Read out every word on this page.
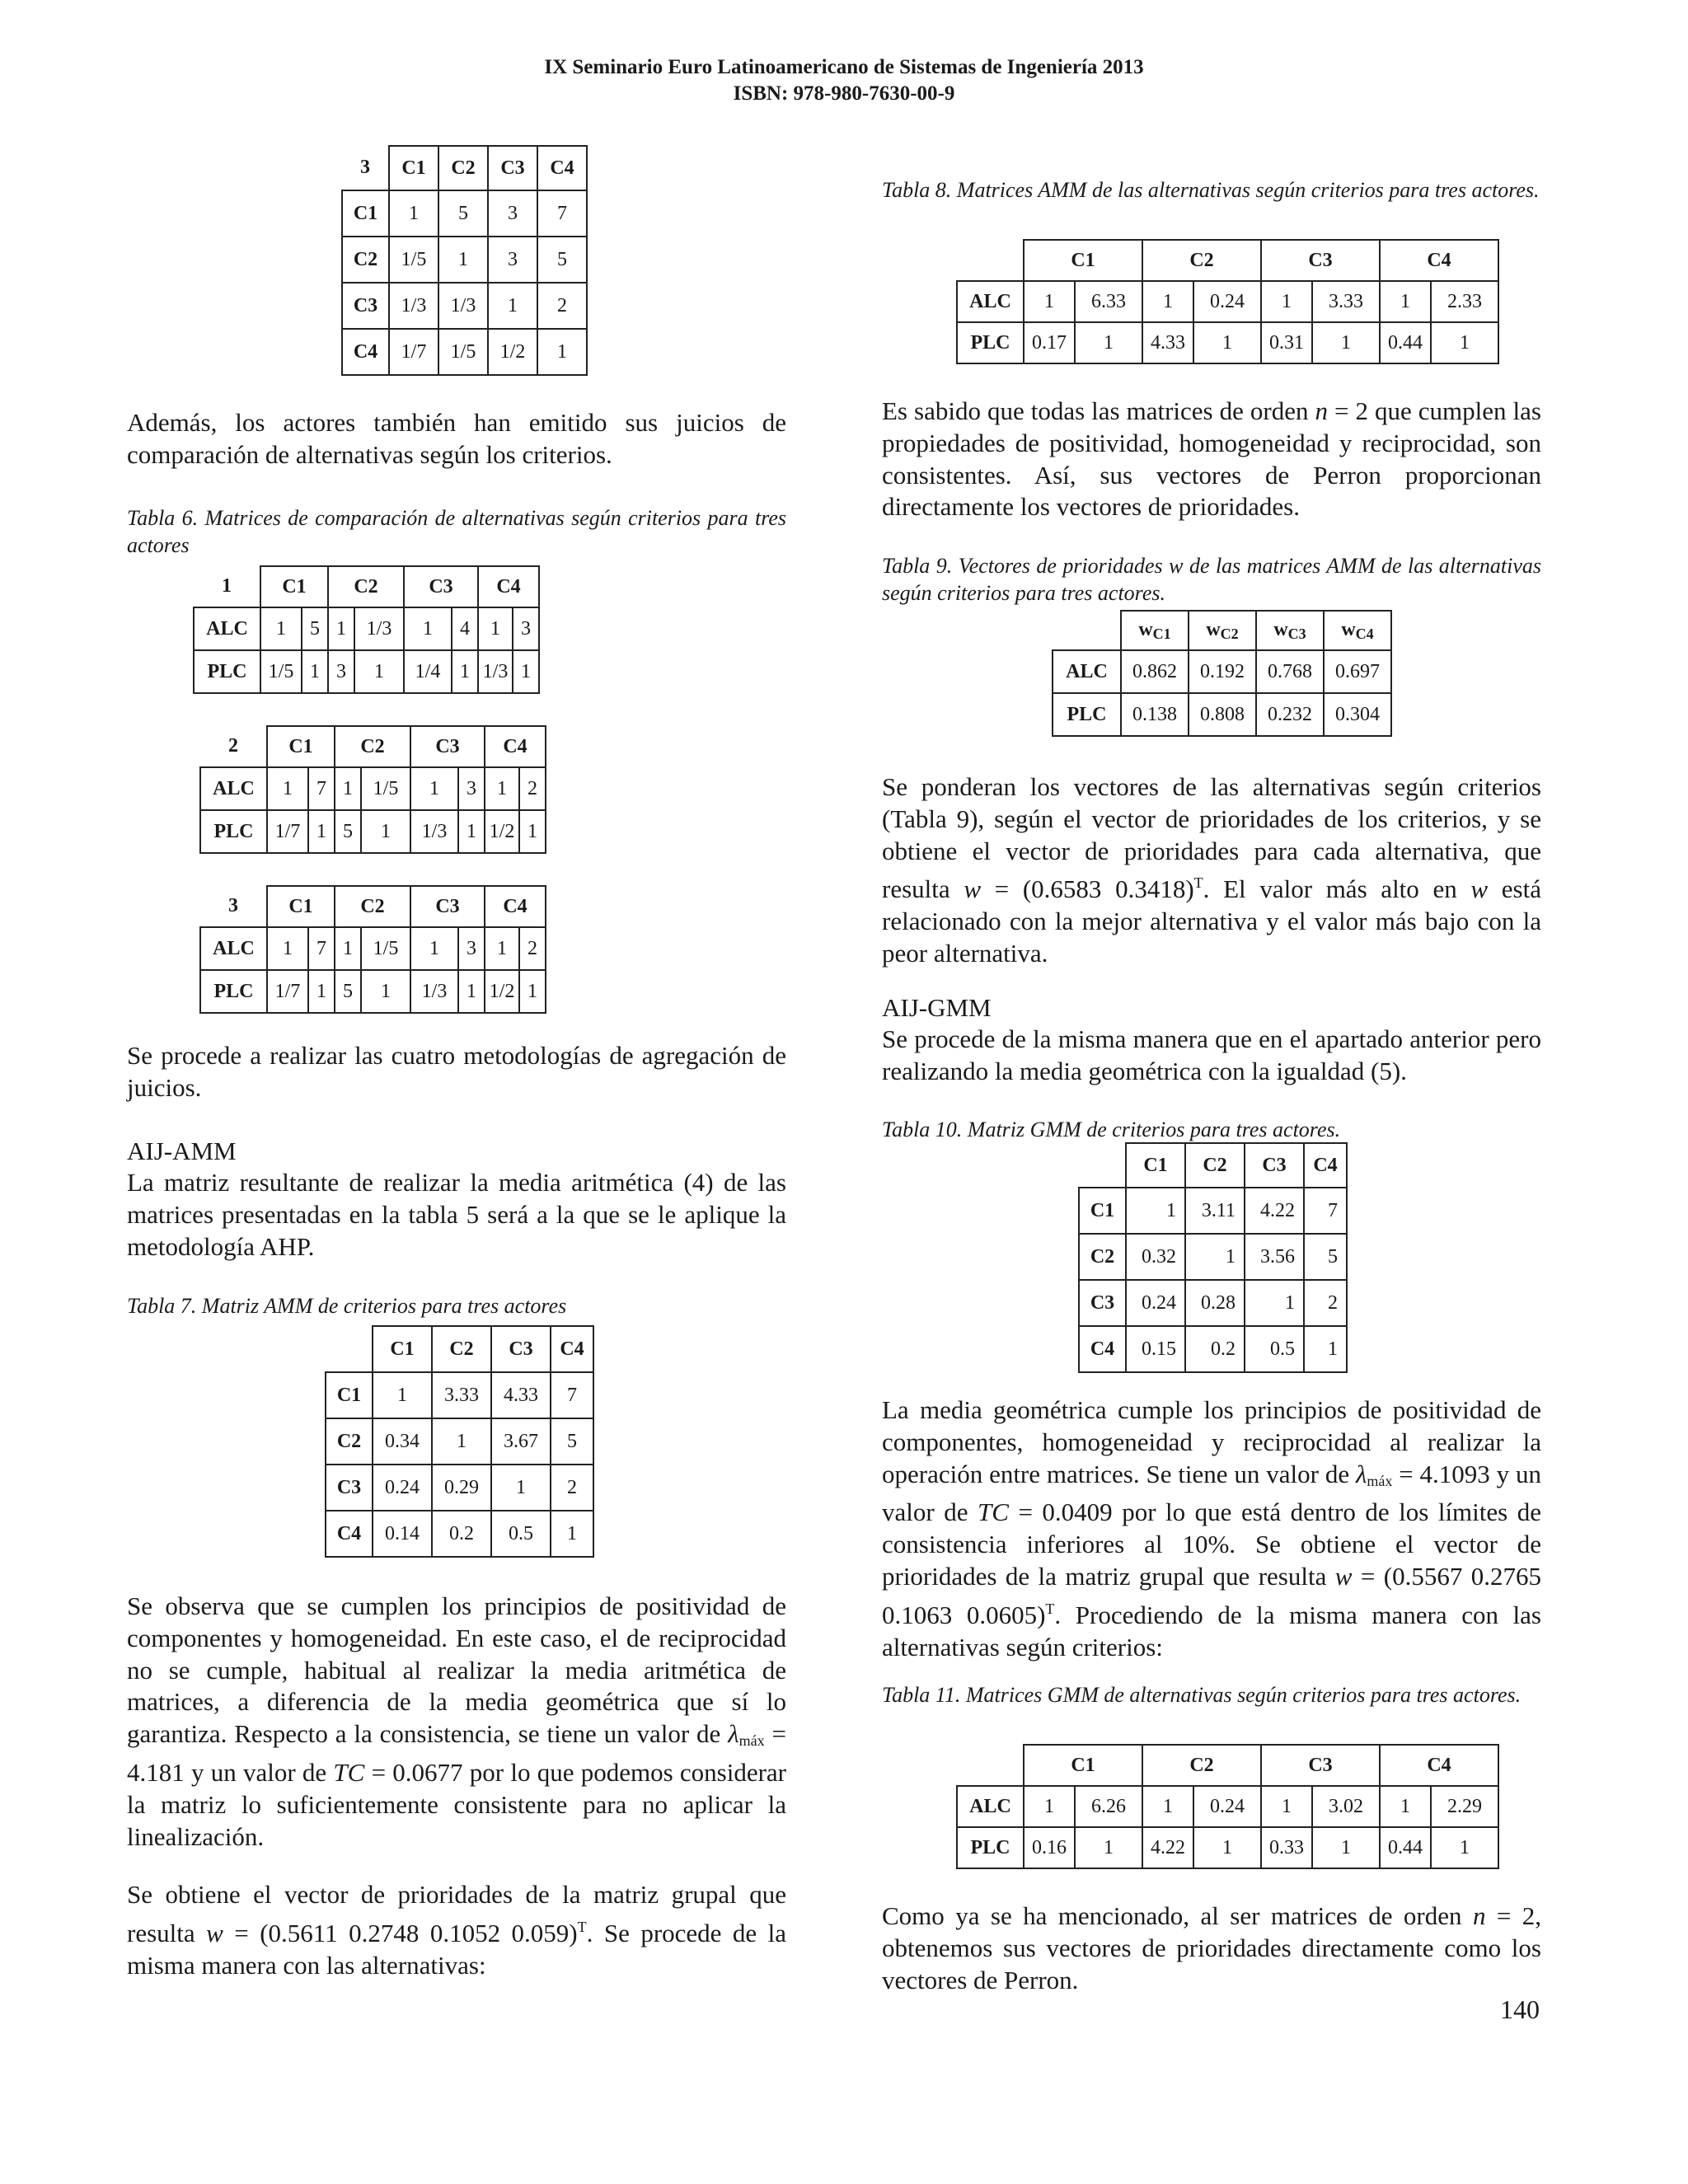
IX Seminario Euro Latinoamericano de Sistemas de Ingeniería 2013
ISBN: 978-980-7630-00-9
3	C1	C2	C3	C4
C1	1	5	3	7
C2	1/5	1	3	5
C3	1/3	1/3	1	2
C4	1/7	1/5	1/2	1
Además, los actores también han emitido sus juicios de comparación de alternativas según los criterios.
Tabla 6. Matrices de comparación de alternativas según criterios para tres actores
1	C1		C2		C3		C4	
ALC	1	5	1	1/3	1	4	1	3
PLC	1/5	1	3	1	1/4	1	1/3	1
2	C1		C2		C3		C4	
ALC	1	7	1	1/5	1	3	1	2
PLC	1/7	1	5	1	1/3	1	1/2	1
3	C1		C2		C3		C4	
ALC	1	7	1	1/5	1	3	1	2
PLC	1/7	1	5	1	1/3	1	1/2	1
Se procede a realizar las cuatro metodologías de agregación de juicios.
AIJ-AMM
La matriz resultante de realizar la media aritmética (4) de las matrices presentadas en la tabla 5 será a la que se le aplique la metodología AHP.
Tabla 7. Matriz AMM de criterios para tres actores
	C1	C2	C3	C4
C1	1	3.33	4.33	7
C2	0.34	1	3.67	5
C3	0.24	0.29	1	2
C4	0.14	0.2	0.5	1
Se observa que se cumplen los principios de positividad de componentes y homogeneidad. En este caso, el de reciprocidad no se cumple, habitual al realizar la media aritmética de matrices, a diferencia de la media geométrica que sí lo garantiza. Respecto a la consistencia, se tiene un valor de $\lambda_{máx} = 4.181$ y un valor de TC = 0.0677 por lo que podemos considerar la matriz lo suficientemente consistente para no aplicar la linealización.
Se obtiene el vector de prioridades de la matriz grupal que resulta w = (0.5611 0.2748 0.1052 0.059)$^T$. Se procede de la misma manera con las alternativas:
Tabla 8. Matrices AMM de las alternativas según criterios para tres actores.
	C1		C2		C3		C4	
ALC	1	6.33	1	0.24	1	3.33	1	2.33
PLC	0.17	1	4.33	1	0.31	1	0.44	1
Es sabido que todas las matrices de orden n = 2 que cumplen las propiedades de positividad, homogeneidad y reciprocidad, son consistentes. Así, sus vectores de Perron proporcionan directamente los vectores de prioridades.
Tabla 9. Vectores de prioridades w de las matrices AMM de las alternativas según criterios para tres actores.
	$w_{C1}$	$w_{C2}$	$w_{C3}$	$w_{C4}$
ALC	0.862	0.192	0.768	0.697
PLC	0.138	0.808	0.232	0.304
Se ponderan los vectores de las alternativas según criterios (Tabla 9), según el vector de prioridades de los criterios, y se obtiene el vector de prioridades para cada alternativa, que resulta w = (0.6583 0.3418)$^T$. El valor más alto en w está relacionado con la mejor alternativa y el valor más bajo con la peor alternativa.
AIJ-GMM
Se procede de la misma manera que en el apartado anterior pero realizando la media geométrica con la igualdad (5).
Tabla 10. Matriz GMM de criterios para tres actores.
	C1	C2	C3	C4
C1	1	3.11	4.22	7
C2	0.32	1	3.56	5
C3	0.24	0.28	1	2
C4	0.15	0.2	0.5	1
La media geométrica cumple los principios de positividad de componentes, homogeneidad y reciprocidad al realizar la operación entre matrices. Se tiene un valor de $\lambda_{máx} = 4.1093$ y un valor de TC = 0.0409 por lo que está dentro de los límites de consistencia inferiores al 10%. Se obtiene el vector de prioridades de la matriz grupal que resulta w = (0.5567 0.2765 0.1063 0.0605)$^T$. Procediendo de la misma manera con las alternativas según criterios:
Tabla 11. Matrices GMM de alternativas según criterios para tres actores.
	C1		C2		C3		C4	
ALC	1	6.26	1	0.24	1	3.02	1	2.29
PLC	0.16	1	4.22	1	0.33	1	0.44	1
Como ya se ha mencionado, al ser matrices de orden n = 2, obtenemos sus vectores de prioridades directamente como los vectores de Perron.
140
